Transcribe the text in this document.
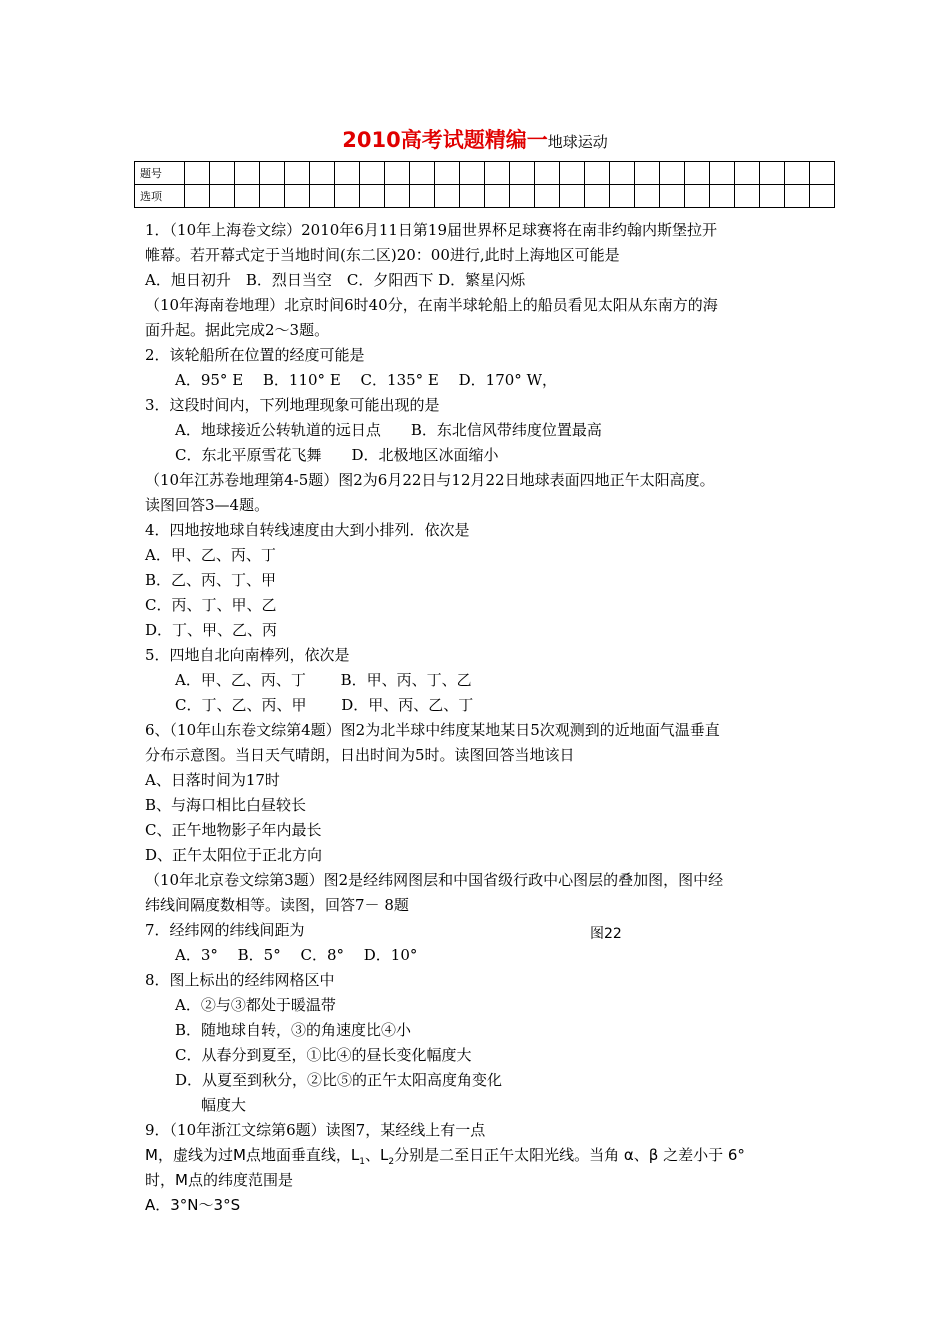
2010高考试题精编一地球运动
题号																										
选项																										
1．（10年上海卷文综）2010年6月11日第19届世界杯足球赛将在南非约翰内斯堡拉开
帷幕。若开幕式定于当地时间(东二区)20：00进行,此时上海地区可能是
A．旭日初升　B．烈日当空　C．夕阳西下 D．繁星闪烁
（10年海南卷地理）北京时间6时40分，在南半球轮船上的船员看见太阳从东南方的海
面升起。据此完成2～3题。
2．该轮船所在位置的经度可能是
A．95° E　 B．110° E　 C．135° E　 D．170° W，
3．这段时间内，下列地理现象可能出现的是
A．地球接近公转轨道的远日点　　B．东北信风带纬度位置最高
C．东北平原雪花飞舞　　D．北极地区冰面缩小
（10年江苏卷地理第4-5题）图2为6月22日与12月22日地球表面四地正午太阳高度。
读图回答3—4题。
4．四地按地球自转线速度由大到小排列．依次是
A．甲、乙、丙、丁
B．乙、丙、丁、甲
C．丙、丁、甲、乙
D．丁、甲、乙、丙
5．四地自北向南棒列，依次是
A．甲、乙、丙、丁　　 B．甲、丙、丁、乙
C．丁、乙、丙、甲　　 D．甲、丙、乙、丁
6、（10年山东卷文综第4题）图2为北半球中纬度某地某日5次观测到的近地面气温垂直
分布示意图。当日天气晴朗，日出时间为5时。读图回答当地该日
A、日落时间为17时
B、与海口相比白昼较长
C、正午地物影子年内最长
D、正午太阳位于正北方向
（10年北京卷文综第3题）图2是经纬网图层和中国省级行政中心图层的叠加图，图中经
纬线间隔度数相等。读图，回答7－ 8题
7．经纬网的纬线间距为
A．3°　 B．5°　 C．8°　 D．10°
8．图上标出的经纬网格区中
A．②与③都处于暖温带
B．随地球自转，③的角速度比④小
C．从春分到夏至，①比④的昼长变化幅度大
D．从夏至到秋分，②比⑤的正午太阳高度角变化
幅度大
9．（10年浙江文综第6题）读图7，某经线上有一点
M，虚线为过M点地面垂直线，$L_1$、$L_2$分别是二至日正午太阳光线。当角 α、β 之差小于 6°
时，M点的纬度范围是
A．3°N～3°S
图22
